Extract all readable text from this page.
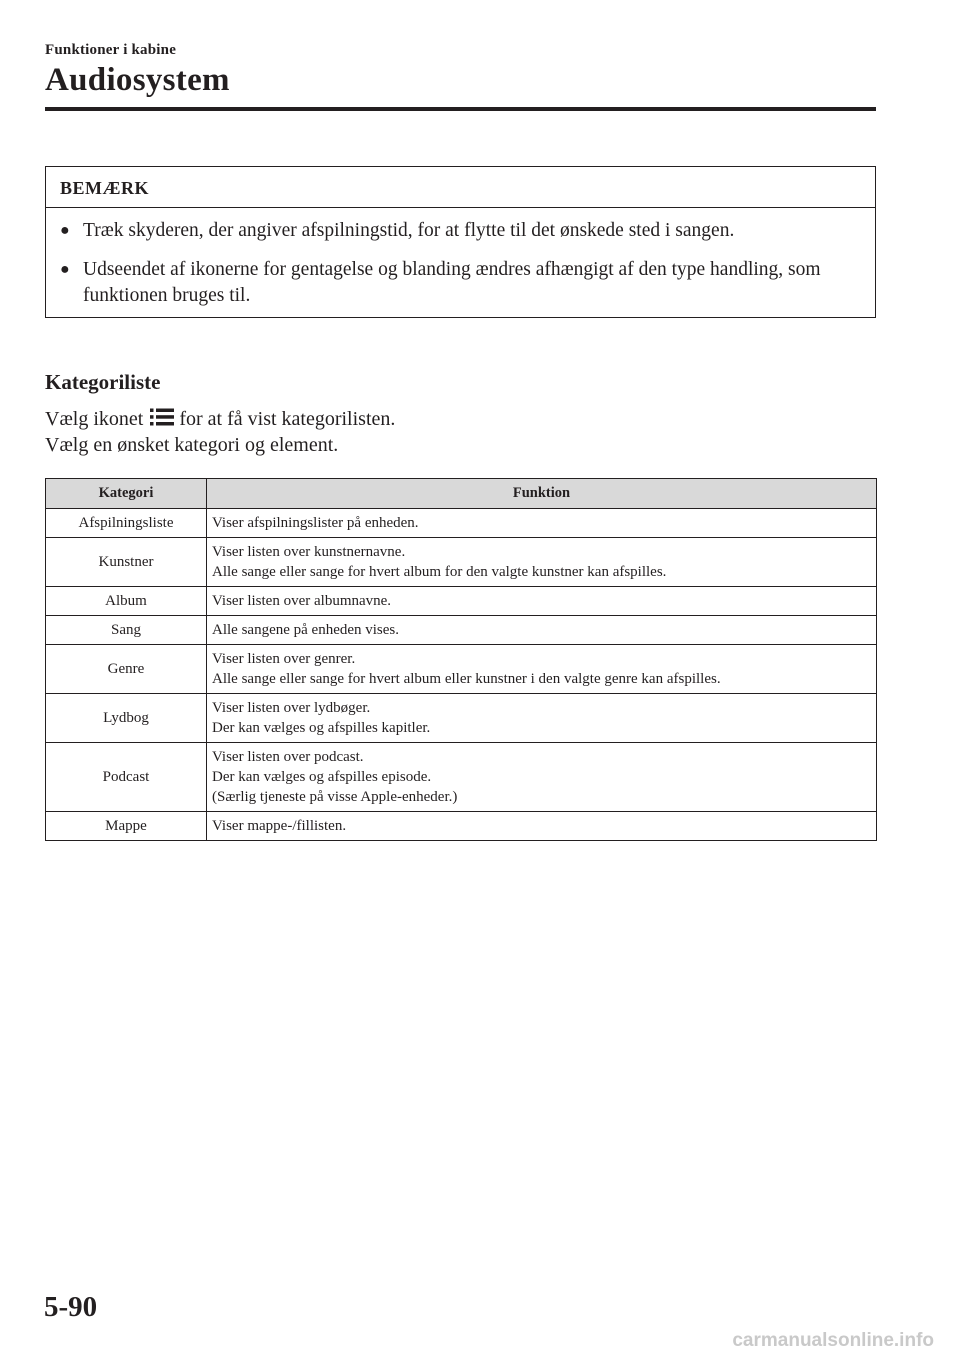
Funktioner i kabine
Audiosystem
BEMÆRK
● Træk skyderen, der angiver afspilningstid, for at flytte til det ønskede sted i sangen.
● Udseendet af ikonerne for gentagelse og blanding ændres afhængigt af den type handling, som funktionen bruges til.
Kategoriliste

Vælg ikonet for at få vist kategorilisten.

Vælg en ønsket kategori og element.

Kategori	Funktion
Afspilningsliste	Viser afspilningslister på enheden.

Kunstner	Viser listen over kunstnernavne.
Alle sange eller sange for hvert album for den valgte kunstner kan afspilles.

Album	Viser listen over albumnavne.

Sang	Alle sangene på enheden vises.

Genre	Viser listen over genrer.
Alle sange eller sange for hvert album eller kunstner i den valgte genre kan afspilles.

Lydbog	Viser listen over lydbøger.
Der kan vælges og afspilles kapitler.

Podcast	Viser listen over podcast.
Der kan vælges og afspilles episode.
(Særlig tjeneste på visse Apple-enheder.)

Mappe	Viser mappe-/fillisten.
5-90
carmanualsonline.info
